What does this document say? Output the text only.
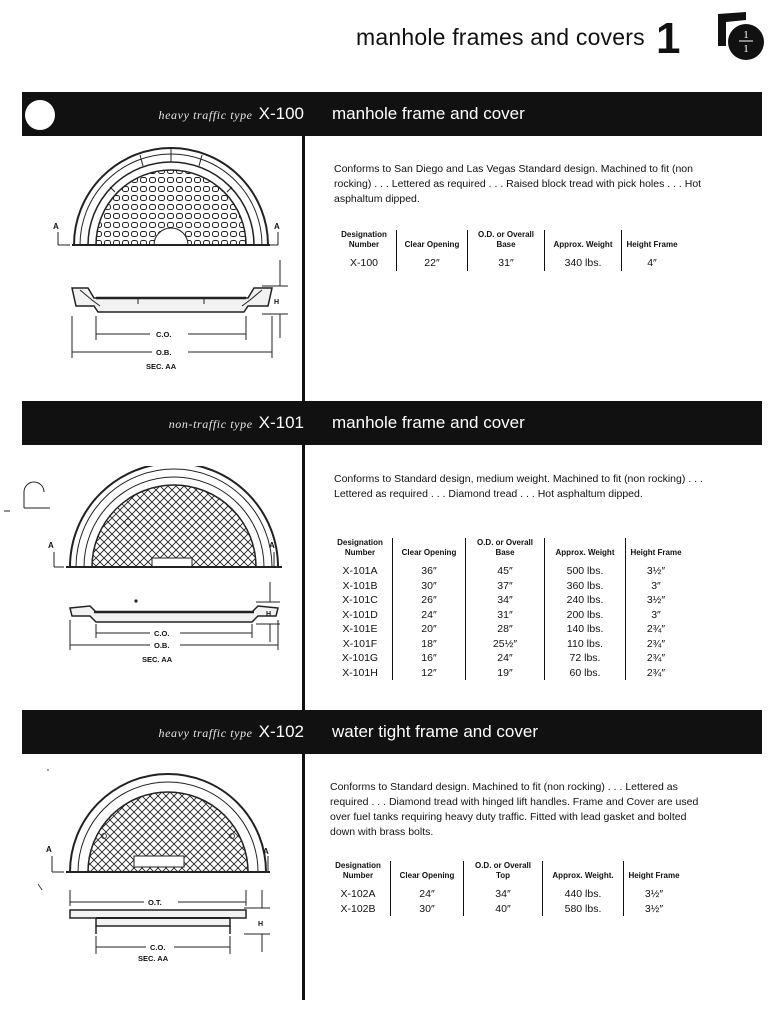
manhole frames and covers 1	1
1
heavy traffic type X-100 manhole frame and cover
Conforms to San Diego and Las Vegas Standard design. Machined to fit (non rocking) . . . Lettered as required . . . Raised block tread with pick holes . . . Hot asphaltum dipped.
Designation Number	Clear Opening	O.D. or Overall Base	Approx. Weight	Height Frame
X-100	22″	31″	340 lbs.	4″
A	A
H
C.O.
O.B.
SEC. AA
non-traffic type X-101 manhole frame and cover
Conforms to Standard design, medium weight. Machined to fit (non rocking) . . . Lettered as required . . . Diamond tread . . . Hot asphaltum dipped.
Designation Number	Clear Opening	O.D. or Overall Base	Approx. Weight	Height Frame
X-101A	36″	45″	500 lbs.	3½″
X-101B	30″	37″	360 lbs.	3″
X-101C	26″	34″	240 lbs.	3½″
X-101D	24″	31″	200 lbs.	3″
X-101E	20″	28″	140 lbs.	2¾″
X-101F	18″	25½″	110 lbs.	2¾″
X-101G	16″	24″	72 lbs.	2¾″
X-101H	12″	19″	60 lbs.	2¾″
A	A
H
C.O.
O.B.
SEC. AA
heavy traffic type X-102 water tight frame and cover
Conforms to Standard design. Machined to fit (non rocking) . . . Lettered as required . . . Diamond tread with hinged lift handles. Frame and Cover are used over fuel tanks requiring heavy duty traffic. Fitted with lead gasket and bolted down with brass bolts.
Designation Number	Clear Opening	O.D. or Overall Top	Approx. Weight.	Height Frame
X-102A	24″	34″	440 lbs.	3½″
X-102B	30″	40″	580 lbs.	3½″
A	A
O.T.
H
C.O.
SEC. AA
